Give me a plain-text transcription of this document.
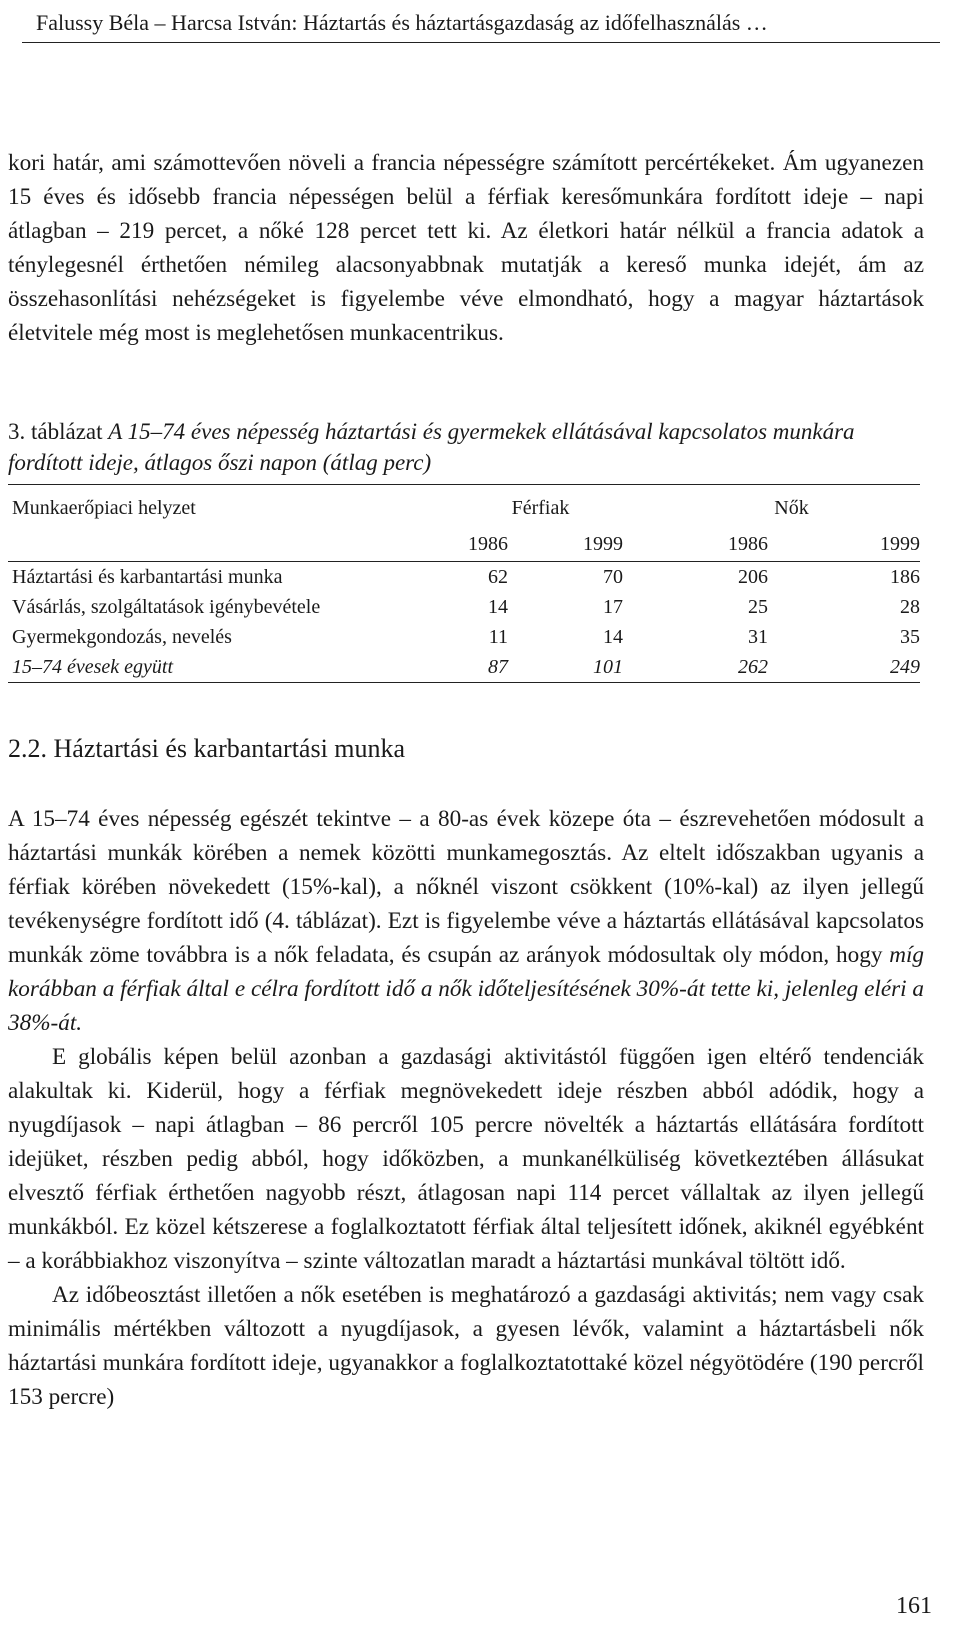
Falussy Béla – Harcsa István: Háztartás és háztartásgazdaság az időfelhasználás …

kori határ, ami számottevően növeli a francia népességre számított percértékeket. Ám ugyanezen 15 éves és idősebb francia népességen belül a férfiak keresőmunkára fordított ideje – napi átlagban – 219 percet, a nőké 128 percet tett ki. Az életkori határ nélkül a francia adatok a ténylegesnél érthetően némileg alacsonyabbnak mutatják a kereső munka idejét, ám az összehasonlítási nehézségeket is figyelembe véve elmondható, hogy a magyar háztartások életvitele még most is meglehetősen munkacentrikus.

3. táblázat A 15–74 éves népesség háztartási és gyermekek ellátásával kapcsolatos munkára fordított ideje, átlagos őszi napon (átlag perc)
Munkaerőpiaci helyzet	Férfiak		Nők	
	1986	1999	1986	1999
Háztartási és karbantartási munka	62	70	206	186
Vásárlás, szolgáltatások igénybevétele	14	17	25	28
Gyermekgondozás, nevelés	11	14	31	35
15–74 évesek együtt	87	101	262	249
2.2. Háztartási és karbantartási munka

A 15–74 éves népesség egészét tekintve – a 80-as évek közepe óta – észrevehetően módosult a háztartási munkák körében a nemek közötti munkamegosztás. Az eltelt időszakban ugyanis a férfiak körében növekedett (15%-kal), a nőknél viszont csökkent (10%-kal) az ilyen jellegű tevékenységre fordított idő (4. táblázat). Ezt is figyelembe véve a háztartás ellátásával kapcsolatos munkák zöme továbbra is a nők feladata, és csupán az arányok módosultak oly módon, hogy míg korábban a férfiak által e célra fordított idő a nők időteljesítésének 30%-át tette ki, jelenleg eléri a 38%-át.

E globális képen belül azonban a gazdasági aktivitástól függően igen eltérő tendenciák alakultak ki. Kiderül, hogy a férfiak megnövekedett ideje részben abból adódik, hogy a nyugdíjasok – napi átlagban – 86 percről 105 percre növelték a háztartás ellátására fordított idejüket, részben pedig abból, hogy időközben, a munkanélküliség következtében állásukat elvesztő férfiak érthetően nagyobb részt, átlagosan napi 114 percet vállaltak az ilyen jellegű munkákból. Ez közel kétszerese a foglalkoztatott férfiak által teljesített időnek, akiknél egyébként – a korábbiakhoz viszonyítva – szinte változatlan maradt a háztartási munkával töltött idő.

Az időbeosztást illetően a nők esetében is meghatározó a gazdasági aktivitás; nem vagy csak minimális mértékben változott a nyugdíjasok, a gyesen lévők, valamint a háztartásbeli nők háztartási munkára fordított ideje, ugyanakkor a foglalkoztatottaké közel négyötödére (190 percről 153 percre)

161
